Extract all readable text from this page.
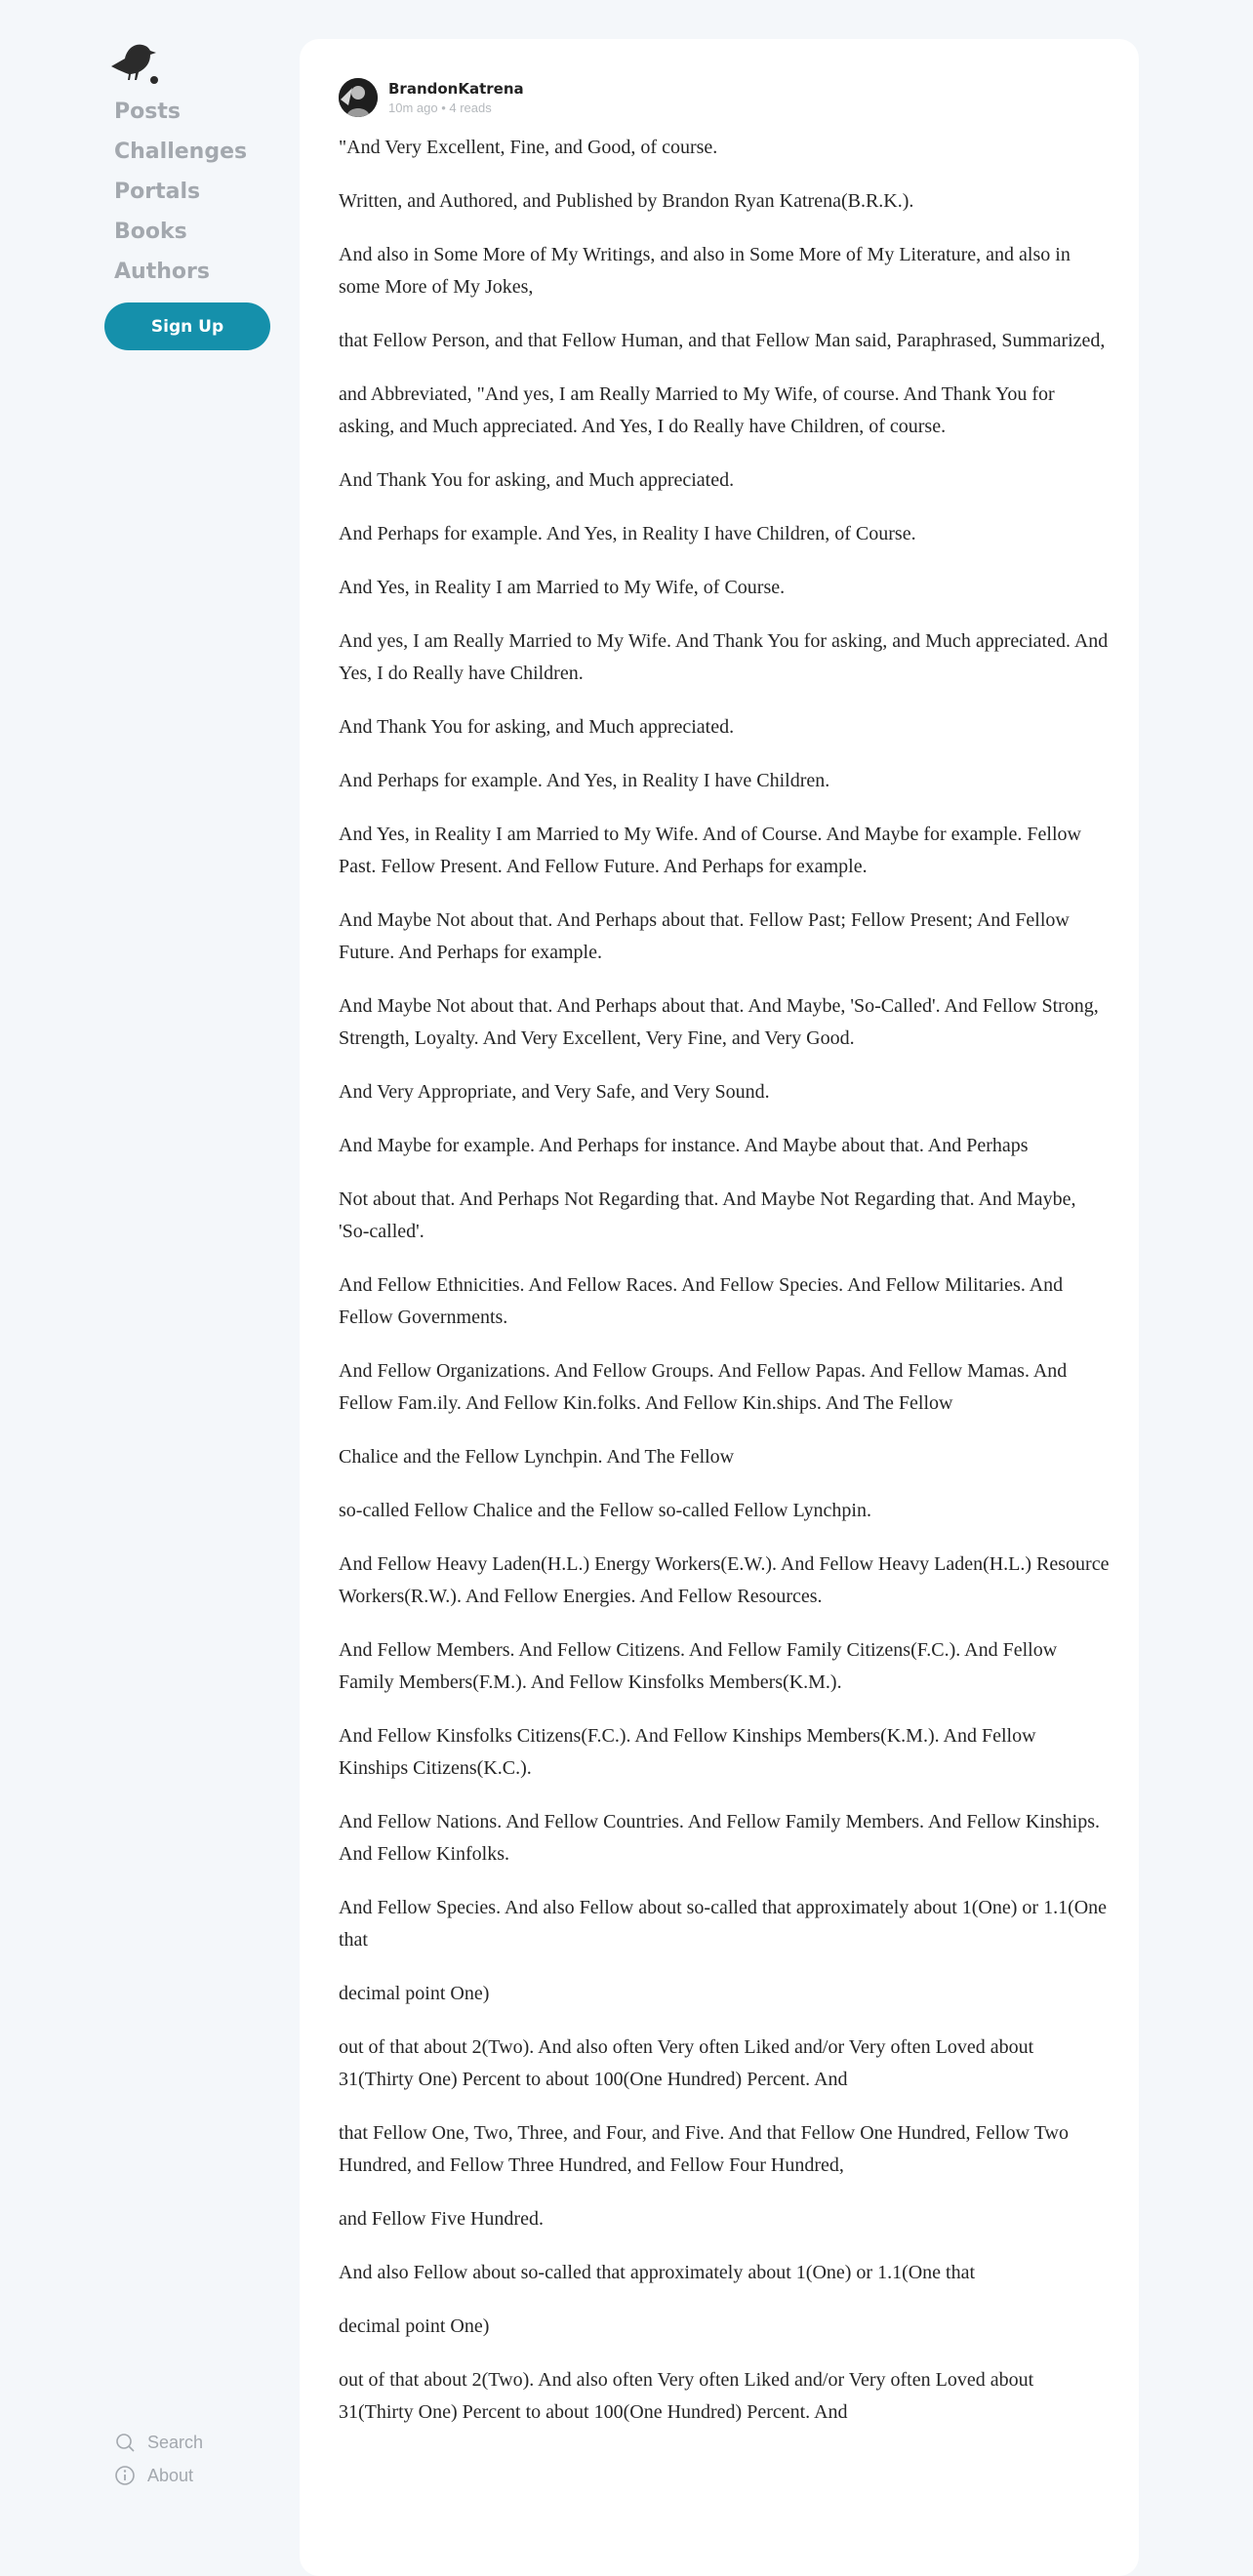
Posts
Challenges
Portals
Books
Authors
Sign Up
Search
About
BrandonKatrena
10m ago • 4 reads

"And Very Excellent, Fine, and Good, of course.

Written, and Authored, and Published by Brandon Ryan Katrena(B.R.K.).

And also in Some More of My Writings, and also in Some More of My Literature, and also in some More of My Jokes,

that Fellow Person, and that Fellow Human, and that Fellow Man said, Paraphrased, Summarized,

and Abbreviated, "And yes, I am Really Married to My Wife, of course. And Thank You for asking, and Much appreciated. And Yes, I do Really have Children, of course.

And Thank You for asking, and Much appreciated.

And Perhaps for example. And Yes, in Reality I have Children, of Course.

And Yes, in Reality I am Married to My Wife, of Course.

And yes, I am Really Married to My Wife. And Thank You for asking, and Much appreciated. And Yes, I do Really have Children.

And Thank You for asking, and Much appreciated.

And Perhaps for example. And Yes, in Reality I have Children.

And Yes, in Reality I am Married to My Wife. And of Course. And Maybe for example. Fellow Past. Fellow Present. And Fellow Future. And Perhaps for example.

And Maybe Not about that. And Perhaps about that. Fellow Past; Fellow Present; And Fellow Future. And Perhaps for example.

And Maybe Not about that. And Perhaps about that. And Maybe, 'So-Called'. And Fellow Strong, Strength, Loyalty. And Very Excellent, Very Fine, and Very Good.

And Very Appropriate, and Very Safe, and Very Sound.

And Maybe for example. And Perhaps for instance. And Maybe about that. And Perhaps

Not about that. And Perhaps Not Regarding that. And Maybe Not Regarding that. And Maybe, 'So-called'.

And Fellow Ethnicities. And Fellow Races. And Fellow Species. And Fellow Militaries. And Fellow Governments.

And Fellow Organizations. And Fellow Groups. And Fellow Papas. And Fellow Mamas. And Fellow Fam.ily. And Fellow Kin.folks. And Fellow Kin.ships. And The Fellow

Chalice and the Fellow Lynchpin. And The Fellow

so-called Fellow Chalice and the Fellow so-called Fellow Lynchpin.

And Fellow Heavy Laden(H.L.) Energy Workers(E.W.). And Fellow Heavy Laden(H.L.) Resource Workers(R.W.). And Fellow Energies. And Fellow Resources.

And Fellow Members. And Fellow Citizens. And Fellow Family Citizens(F.C.). And Fellow Family Members(F.M.). And Fellow Kinsfolks Members(K.M.).

And Fellow Kinsfolks Citizens(F.C.). And Fellow Kinships Members(K.M.). And Fellow Kinships Citizens(K.C.).

And Fellow Nations. And Fellow Countries. And Fellow Family Members. And Fellow Kinships. And Fellow Kinfolks.

And Fellow Species. And also Fellow about so-called that approximately about 1(One) or 1.1(One that

decimal point One)

out of that about 2(Two). And also often Very often Liked and/or Very often Loved about 31(Thirty One) Percent to about 100(One Hundred) Percent. And

that Fellow One, Two, Three, and Four, and Five. And that Fellow One Hundred, Fellow Two Hundred, and Fellow Three Hundred, and Fellow Four Hundred,

and Fellow Five Hundred.

And also Fellow about so-called that approximately about 1(One) or 1.1(One that

decimal point One)

out of that about 2(Two). And also often Very often Liked and/or Very often Loved about 31(Thirty One) Percent to about 100(One Hundred) Percent. And
